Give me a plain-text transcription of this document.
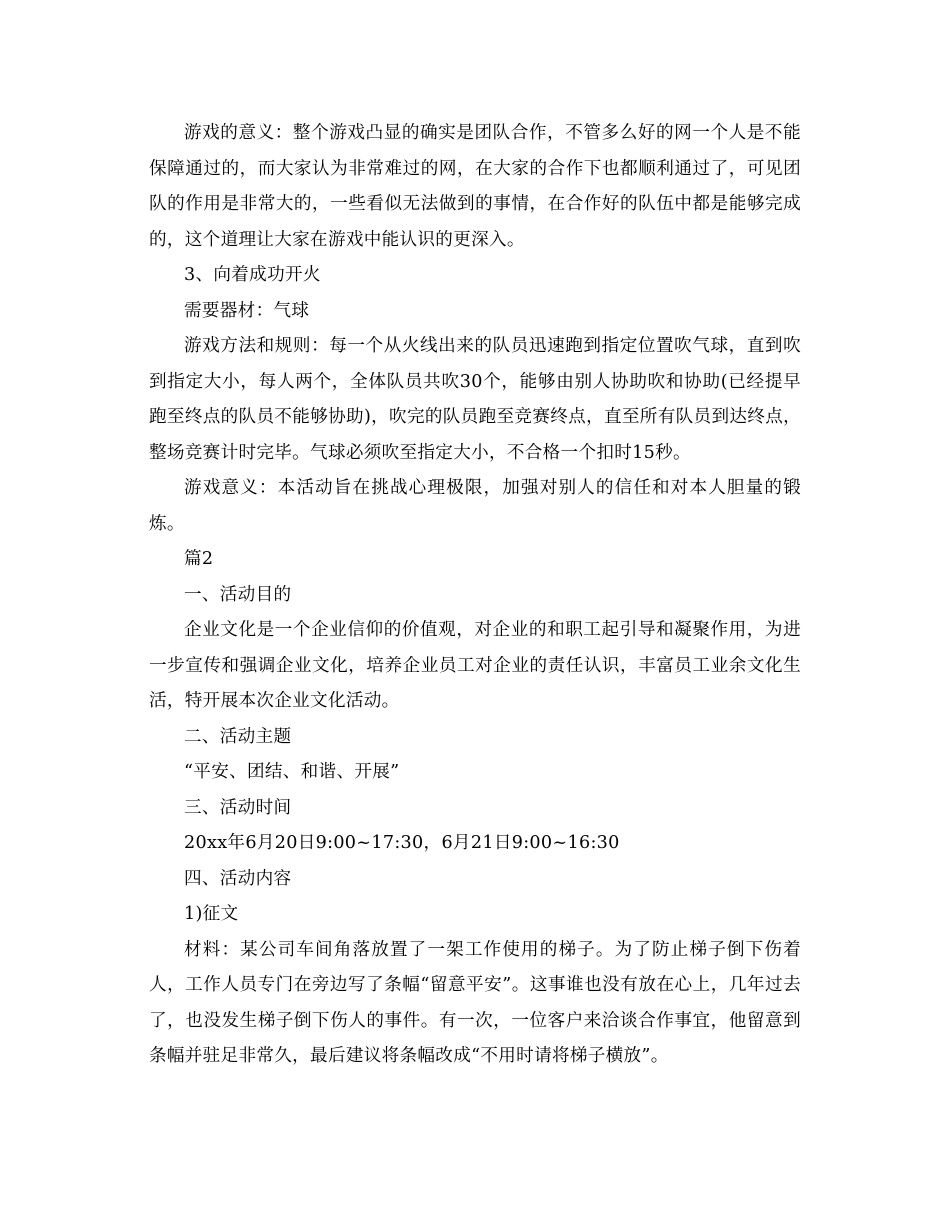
游戏的意义：整个游戏凸显的确实是团队合作，不管多么好的网一个人是不能保障通过的，而大家认为非常难过的网，在大家的合作下也都顺利通过了，可见团队的作用是非常大的，一些看似无法做到的事情，在合作好的队伍中都是能够完成的，这个道理让大家在游戏中能认识的更深入。

3、向着成功开火

需要器材：气球

游戏方法和规则：每一个从火线出来的队员迅速跑到指定位置吹气球，直到吹到指定大小，每人两个，全体队员共吹30个，能够由别人协助吹和协助(已经提早跑至终点的队员不能够协助)，吹完的队员跑至竞赛终点，直至所有队员到达终点，整场竞赛计时完毕。气球必须吹至指定大小，不合格一个扣时15秒。

游戏意义：本活动旨在挑战心理极限，加强对别人的信任和对本人胆量的锻炼。

篇2

一、活动目的

企业文化是一个企业信仰的价值观，对企业的和职工起引导和凝聚作用，为进一步宣传和强调企业文化，培养企业员工对企业的责任认识，丰富员工业余文化生活，特开展本次企业文化活动。

二、活动主题

“平安、团结、和谐、开展”

三、活动时间

20xx年6月20日9:00~17:30，6月21日9:00~16:30

四、活动内容

1)征文

材料：某公司车间角落放置了一架工作使用的梯子。为了防止梯子倒下伤着人，工作人员专门在旁边写了条幅“留意平安”。这事谁也没有放在心上，几年过去了，也没发生梯子倒下伤人的事件。有一次，一位客户来洽谈合作事宜，他留意到条幅并驻足非常久，最后建议将条幅改成“不用时请将梯子横放”。
